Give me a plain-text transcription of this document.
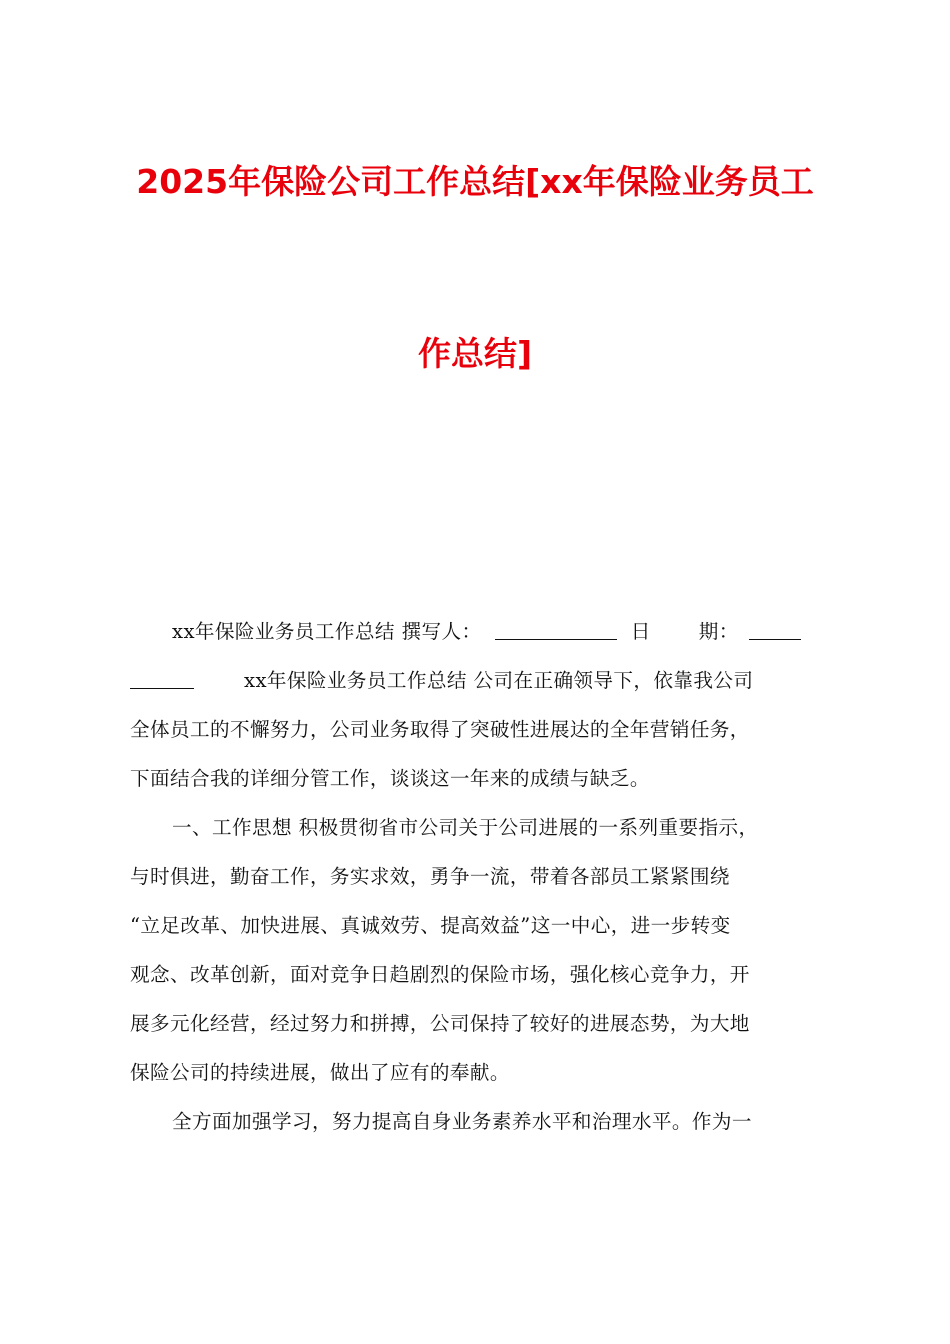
2025年保险公司工作总结[xx年保险业务员工
作总结]
xx年保险业务员工作总结 撰写人：	日 期：
xx年保险业务员工作总结 公司在正确领导下，依靠我公司
全体员工的不懈努力，公司业务取得了突破性进展达的全年营销任务，
下面结合我的详细分管工作，谈谈这一年来的成绩与缺乏。
一、工作思想 积极贯彻省市公司关于公司进展的一系列重要指示，
与时俱进，勤奋工作，务实求效，勇争一流，带着各部员工紧紧围绕
“立足改革、加快进展、真诚效劳、提高效益”这一中心，进一步转变
观念、改革创新，面对竞争日趋剧烈的保险市场，强化核心竞争力，开
展多元化经营，经过努力和拼搏，公司保持了较好的进展态势，为大地
保险公司的持续进展，做出了应有的奉献。
全方面加强学习，努力提高自身业务素养水平和治理水平。作为一
